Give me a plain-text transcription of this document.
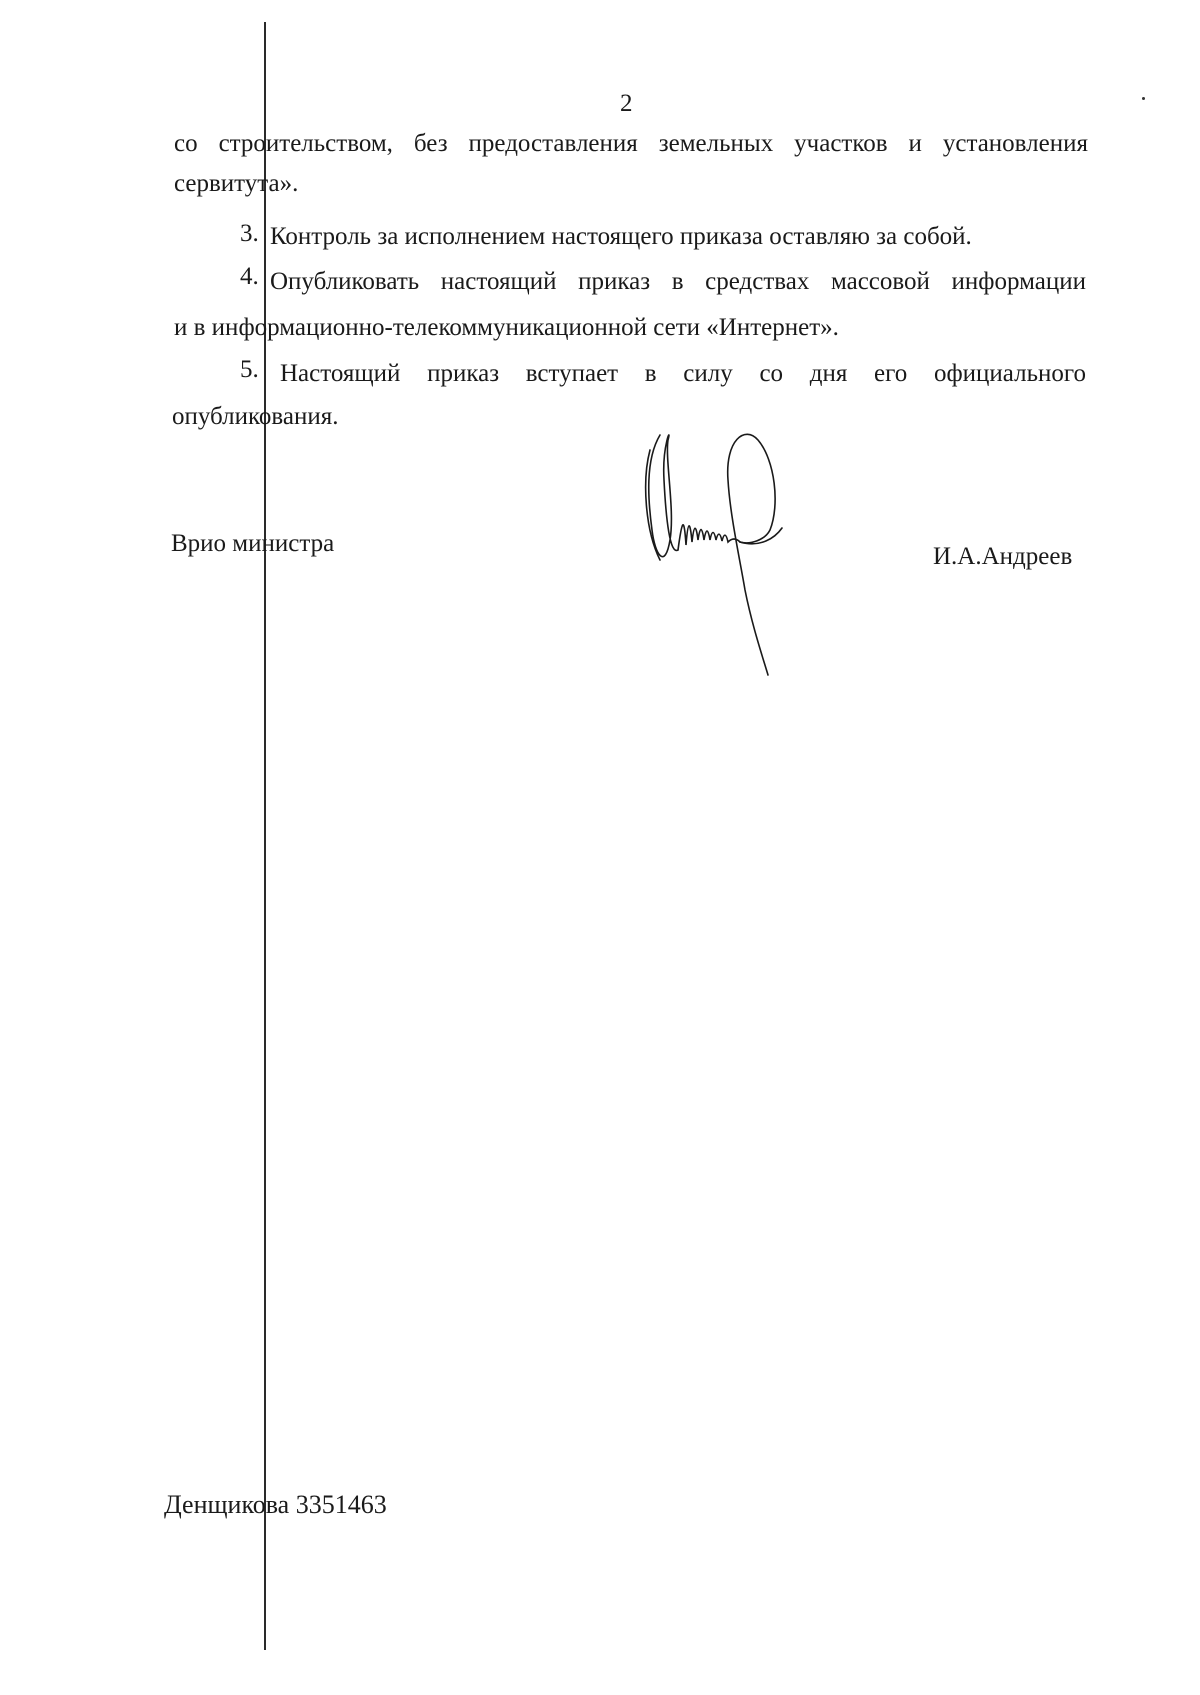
2
со строительством, без предоставления земельных участков и установления
сервитута».
3. Контроль за исполнением настоящего приказа оставляю за собой.
4. Опубликовать настоящий приказ в средствах массовой информации
и в информационно-телекоммуникационной сети «Интернет».
5. Настоящий приказ вступает в силу со дня его официального
опубликования.
Врио министра	И.А.Андреев
Денщикова 3351463
